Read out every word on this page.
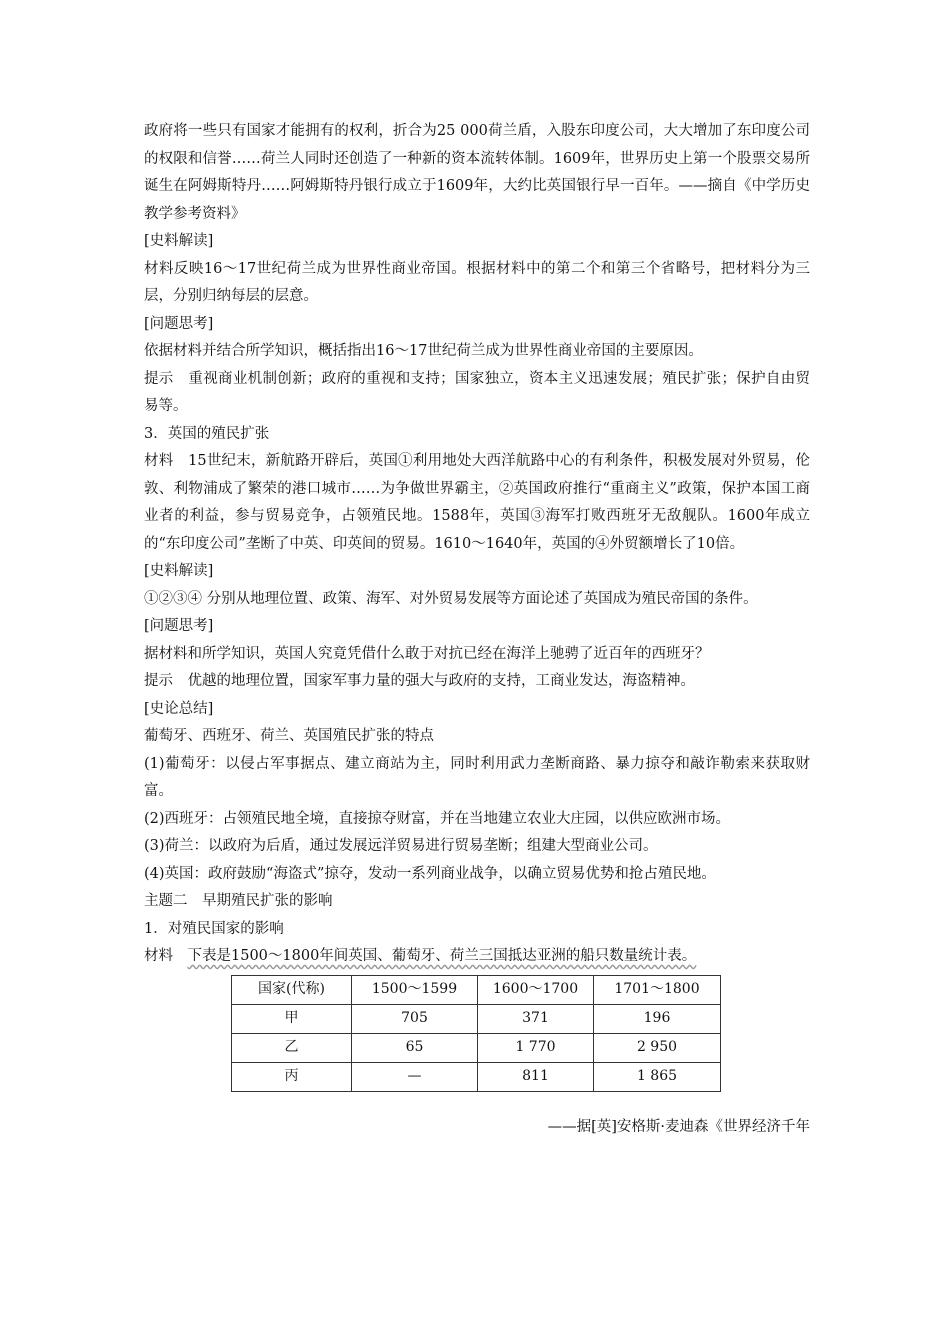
政府将一些只有国家才能拥有的权利，折合为25 000荷兰盾，入股东印度公司，大大增加了东印度公司的权限和信誉……荷兰人同时还创造了一种新的资本流转体制。1609年，世界历史上第一个股票交易所诞生在阿姆斯特丹……阿姆斯特丹银行成立于1609年，大约比英国银行早一百年。——摘自《中学历史教学参考资料》

[史料解读]

材料反映16～17世纪荷兰成为世界性商业帝国。根据材料中的第二个和第三个省略号，把材料分为三层，分别归纳每层的层意。

[问题思考]

依据材料并结合所学知识，概括指出16～17世纪荷兰成为世界性商业帝国的主要原因。

提示　重视商业机制创新；政府的重视和支持；国家独立，资本主义迅速发展；殖民扩张；保护自由贸易等。

3．英国的殖民扩张

材料　15世纪末，新航路开辟后，英国①利用地处大西洋航路中心的有利条件，积极发展对外贸易，伦敦、利物浦成了繁荣的港口城市……为争做世界霸主，②英国政府推行“重商主义”政策，保护本国工商业者的利益，参与贸易竞争，占领殖民地。1588年，英国③海军打败西班牙无敌舰队。1600年成立的“东印度公司”垄断了中英、印英间的贸易。1610～1640年，英国的④外贸额增长了10倍。

[史料解读]

①②③④ 分别从地理位置、政策、海军、对外贸易发展等方面论述了英国成为殖民帝国的条件。

[问题思考]

据材料和所学知识，英国人究竟凭借什么敢于对抗已经在海洋上驰骋了近百年的西班牙？

提示　优越的地理位置，国家军事力量的强大与政府的支持，工商业发达，海盗精神。

[史论总结]

葡萄牙、西班牙、荷兰、英国殖民扩张的特点

(1)葡萄牙：以侵占军事据点、建立商站为主，同时利用武力垄断商路、暴力掠夺和敲诈勒索来获取财富。

(2)西班牙：占领殖民地全境，直接掠夺财富，并在当地建立农业大庄园，以供应欧洲市场。

(3)荷兰：以政府为后盾，通过发展远洋贸易进行贸易垄断；组建大型商业公司。

(4)英国：政府鼓励“海盗式”掠夺，发动一系列商业战争，以确立贸易优势和抢占殖民地。

主题二　早期殖民扩张的影响

1．对殖民国家的影响

材料　下表是1500～1800年间英国、葡萄牙、荷兰三国抵达亚洲的船只数量统计表。

国家(代称)	1500～1599	1600～1700	1701～1800
甲	705	371	196
乙	65	1 770	2 950
丙	—	811	1 865

——据[英]安格斯·麦迪森《世界经济千年
